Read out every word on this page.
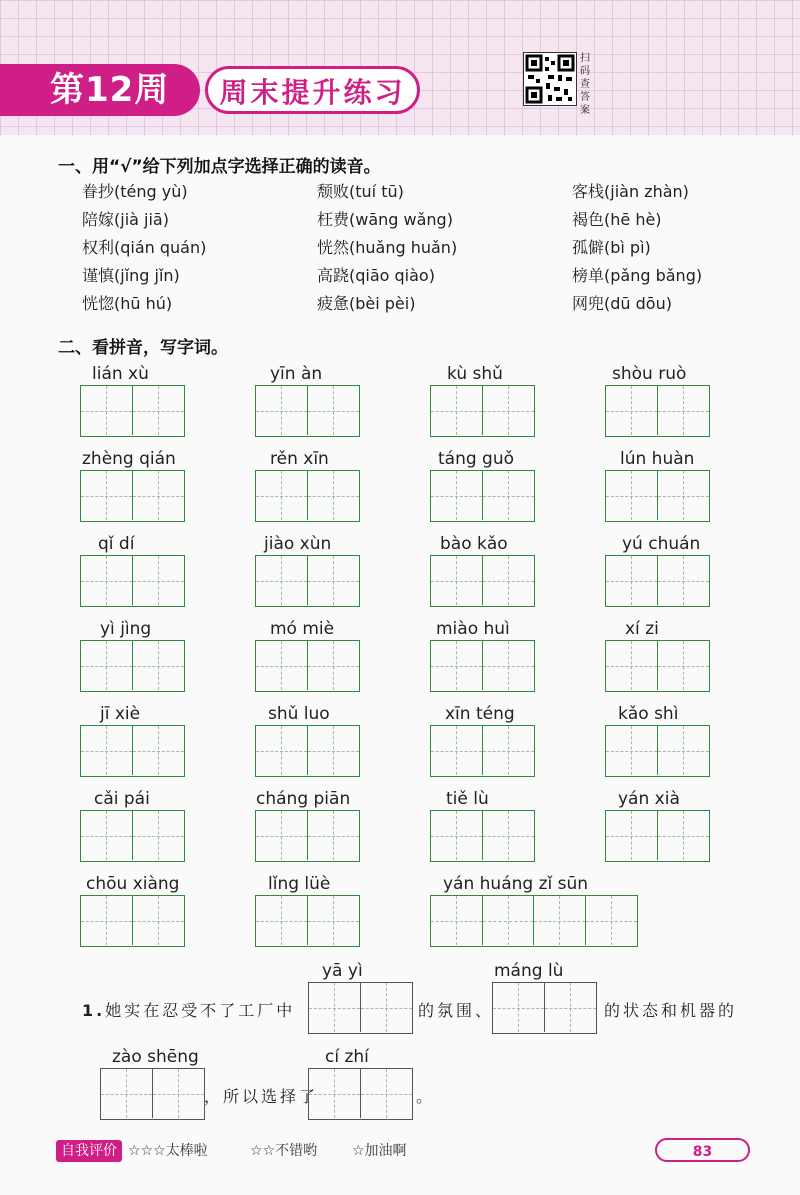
第12周	周末提升练习
扫码查答案
一、用“√”给下列加点字选择正确的读音。
眷抄(téng yù)	颓败(tuí tū)	客栈(jiàn zhàn)
陪嫁(jià jiā)	枉费(wāng wǎng)	褐色(hē hè)
权利(qián quán)	恍然(huǎng huǎn)	孤僻(bì pì)
谨慎(jǐng jǐn)	高跷(qiāo qiào)	榜单(pǎng bǎng)
恍惚(hū hú)	疲惫(bèi pèi)	网兜(dū dōu)
二、看拼音，写字词。
lián xù	yīn àn	kù shǔ	shòu ruò
zhèng qián	rěn xīn	táng guǒ	lún huàn
qǐ dí	jiào xùn	bào kǎo	yú chuán
yì jìng	mó miè	miào huì	xí zi
jī xiè	shǔ luo	xīn téng	kǎo shì
cǎi pái	cháng piān	tiě lù	yán xià
chōu xiàng	lǐng lüè	yán huáng zǐ sūn
yā yì	máng lù
1.她实在忍受不了工厂中	的氛围、	的状态和机器的
zào shēng
，所以选择了
cí zhí
。
自我评价 ☆☆☆太棒啦	☆☆不错哟 ☆加油啊	83
